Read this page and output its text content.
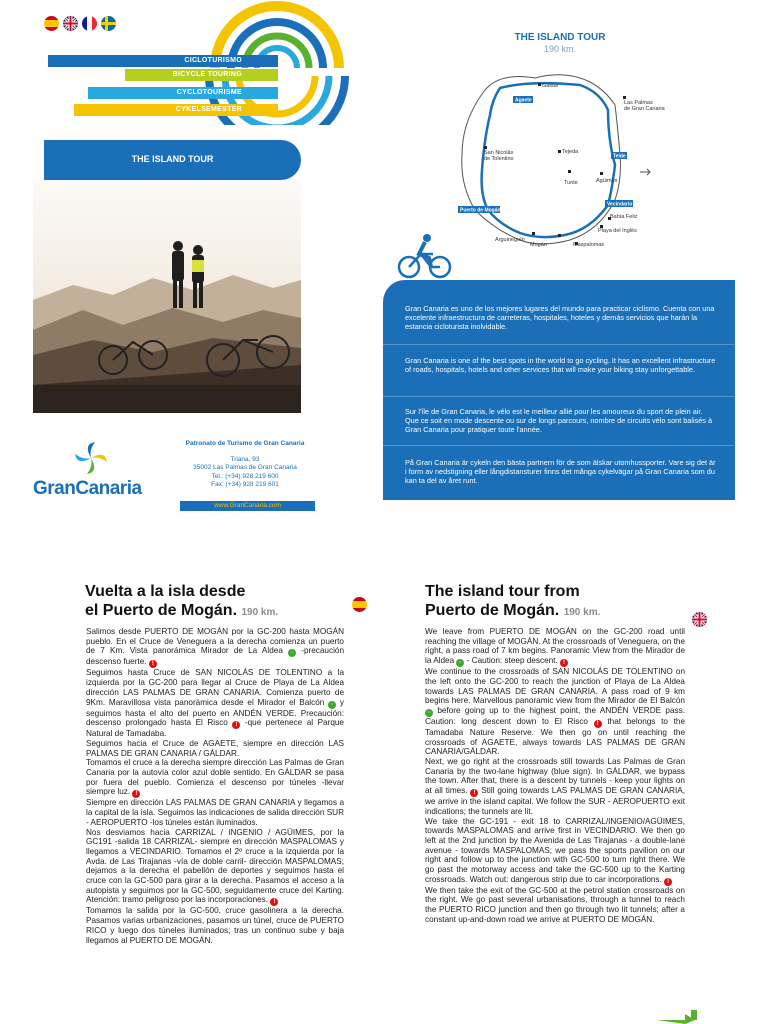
CICLOTURISMO
BICYCLE TOURING
CYCLOTOURISME
CYKELSEMESTER
THE ISLAND TOUR
GranCanaria
Patronato de Turismo de Gran Canaria
Triana, 93
35002 Las Palmas de Gran Canaria
Tel.: (+34) 928 219 600
Fax: (+34) 928 219 601
www.GranCanaria.com
THE ISLAND TOUR
190 km.
Gáldar
Las Palmas
de Gran Canaria
San Nicolás
de Tolentino
Tejeda
Tunte	Agüimes
Arguineguín
Mogán	Maspalomas
Bahía Feliz
Playa del Inglés
Agaete
Telde
Vecindario
Puerto de Mogán

Gran Canaria es uno de los mejores lugares del mundo para practicar ciclismo. Cuenta con una excelente infraestructura de carreteras, hospitales, hoteles y demás servicios que harán la estancia cicloturista inolvidable.

Gran Canaria is one of the best spots in the world to go cycling. It has an excellent infrastructure of roads, hospitals, hotels and other services that will make your biking stay unforgettable.

Sur l'île de Gran Canaria, le vélo est le meilleur allié pour les amoureux du sport de plein air. Que ce soit en mode descente ou sur de longs parcours, nombre de circuits vélo sont balisés à Gran Canaria pour pratiquer toute l'année.

På Gran Canaria är cykeln den bästa partnern för de som älskar utomhussporter. Vare sig det är i form av nedstigning eller långdistansturer finns det många cykelvägar på Gran Canaria som du kan ta del av året runt.

Vuelta a la isla desde
el Puerto de Mogán. 190 km.
Salimos desde PUERTO DE MOGÁN por la GC-200 hasta MOGÁN pueblo. En el Cruce de Veneguera a la derecha comienza un puerto de 7 Km. Vista panorámica Mirador de La Aldea · -precaución descenso fuerte. !
Seguimos hasta Cruce de SAN NICOLÁS DE TOLENTINO a la izquierda por la GC-200 para llegar al Cruce de Playa de La Aldea dirección LAS PALMAS DE GRAN CANARIA. Comienza puerto de 9Km. Maravillosa vista panorámica desde el Mirador el Balcón · y seguimos hasta el alto del puerto en ANDÉN VERDE. Precaución: descenso prolongado hasta El Risco ! -que pertenece al Parque Natural de Tamadaba.
Seguimos hacia el Cruce de AGAETE, siempre en dirección LAS PALMAS DE GRAN CANARIA / GÁLDAR.
Tomamos el cruce a la derecha siempre dirección Las Palmas de Gran Canaria por la autovía color azul doble sentido. En GÁLDAR se pasa por fuera del pueblo. Comienza el descenso por túneles -llevar siempre luz. !
Siempre en dirección LAS PALMAS DE GRAN CANARIA y llegamos a la capital de la isla. Seguimos las indicaciones de salida dirección SUR - AEROPUERTO -los túneles están iluminados.
Nos desviamos hacia CARRIZAL / INGENIO / AGÜIMES, por la GC191 -salida 18 CARRIZAL- siempre en dirección MASPALOMAS y llegamos a VECINDARIO. Tomamos el 2º cruce a la izquierda por la Avda. de Las Tirajanas -vía de doble carril- dirección MASPALOMAS; dejamos a la derecha el pabellón de deportes y seguimos hasta el cruce con la GC-500 para girar a la derecha. Pasamos el acceso a la autopista y seguimos por la GC-500, seguidamente cruce del Karting. Atención: tramo peligroso por las incorporaciones. !
Tomamos la salida por la GC-500, cruce gasolinera a la derecha. Pasamos varias urbanizaciones, pasamos un túnel, cruce de PUERTO RICO y luego dos túneles iluminados; tras un continuo sube y baja llegamos al PUERTO DE MOGÁN.
The island tour from
Puerto de Mogán. 190 km.
We leave from PUERTO DE MOGÁN on the GC-200 road until reaching the village of MOGÁN. At the crossroads of Veneguera, on the right, a pass road of 7 km begins. Panoramic View from the Mirador de la Aldea · - Caution: steep descent. !
We continue to the crossroads of SAN NICOLÁS DE TOLENTINO on the left onto the GC-200 to reach the junction of Playa de La Aldea towards LAS PALMAS DE GRAN CANARIA. A pass road of 9 km begins here. Marvellous panoramic view from the Mirador de El Balcón · before going up to the highest point, the ANDÉN VERDE pass. Caution: long descent down to El Risco ! that belongs to the Tamadaba Nature Reserve. We then go on until reaching the crossroads of AGAETE, always towards LAS PALMAS DE GRAN CANARIA/GÁLDAR.
Next, we go right at the crossroads still towards Las Palmas de Gran Canaria by the two-lane highway (blue sign). In GÁLDAR, we bypass the town. After that, there is a descent by tunnels - keep your lights on at all times. ! Still going towards LAS PALMAS DE GRAN CANARIA, we arrive in the island capital. We follow the SUR - AEROPUERTO exit indications; the tunnels are lit.
We take the GC-191 - exit 18 to CARRIZAL/INGENIO/AGÜIMES, towards MASPALOMAS and arrive first in VECINDARIO. We then go left at the 2nd junction by the Avenida de Las Tirajanas - a double-lane avenue - towards MASPALOMAS; we pass the sports pavilion on our right and follow up to the junction with GC-500 to turn right there. We go past the motorway access and take the GC-500 up to the Karting crossroads. Watch out: dangerous strip due to car incorporations. !
We then take the exit of the GC-500 at the petrol station crossroads on the right. We go past several urbanisations, through a tunnel to reach the PUERTO RICO junction and then go through two lit tunnels; after a constant up-and-down road we arrive at PUERTO DE MOGÁN.
